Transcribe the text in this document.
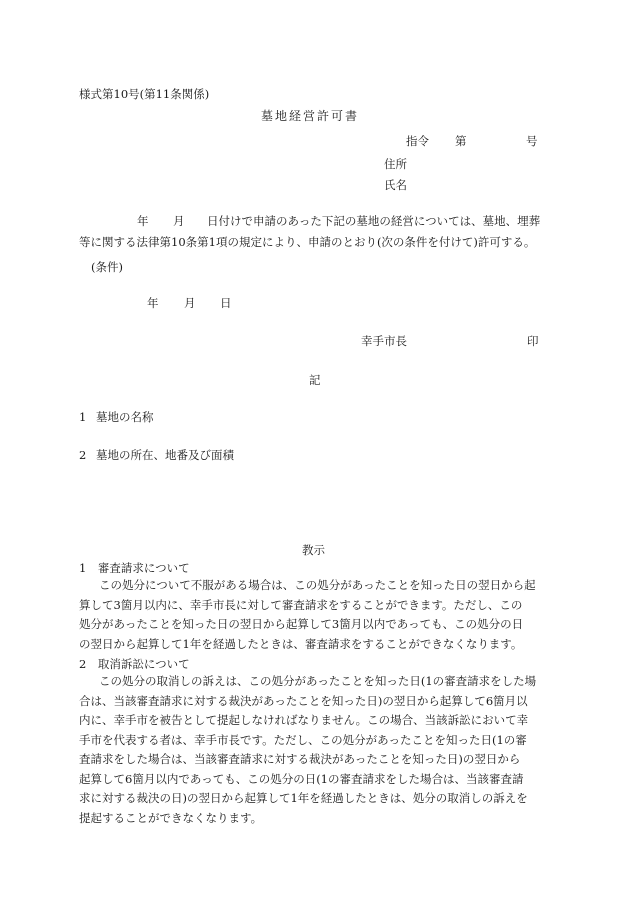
様式第10号(第11条関係)
墓地経営許可書
指令 第	号
住所
氏名
年 月 日付けで申請のあった下記の墓地の経営については、墓地、埋葬
等に関する法律第10条第1項の規定により、申請のとおり(次の条件を付けて)許可する。
(条件)
年 月 日
幸手市長	印
記
1 墓地の名称
2 墓地の所在、地番及び面積
教示
1　審査請求について
この処分について不服がある場合は、この処分があったことを知った日の翌日から起
算して3箇月以内に、幸手市長に対して審査請求をすることができます。ただし、この
処分があったことを知った日の翌日から起算して3箇月以内であっても、この処分の日
の翌日から起算して1年を経過したときは、審査請求をすることができなくなります。
2　取消訴訟について
この処分の取消しの訴えは、この処分があったことを知った日(1の審査請求をした場
合は、当該審査請求に対する裁決があったことを知った日)の翌日から起算して6箇月以
内に、幸手市を被告として提起しなければなりません。この場合、当該訴訟において幸
手市を代表する者は、幸手市長です。ただし、この処分があったことを知った日(1の審
査請求をした場合は、当該審査請求に対する裁決があったことを知った日)の翌日から
起算して6箇月以内であっても、この処分の日(1の審査請求をした場合は、当該審査請
求に対する裁決の日)の翌日から起算して1年を経過したときは、処分の取消しの訴えを
提起することができなくなります。
